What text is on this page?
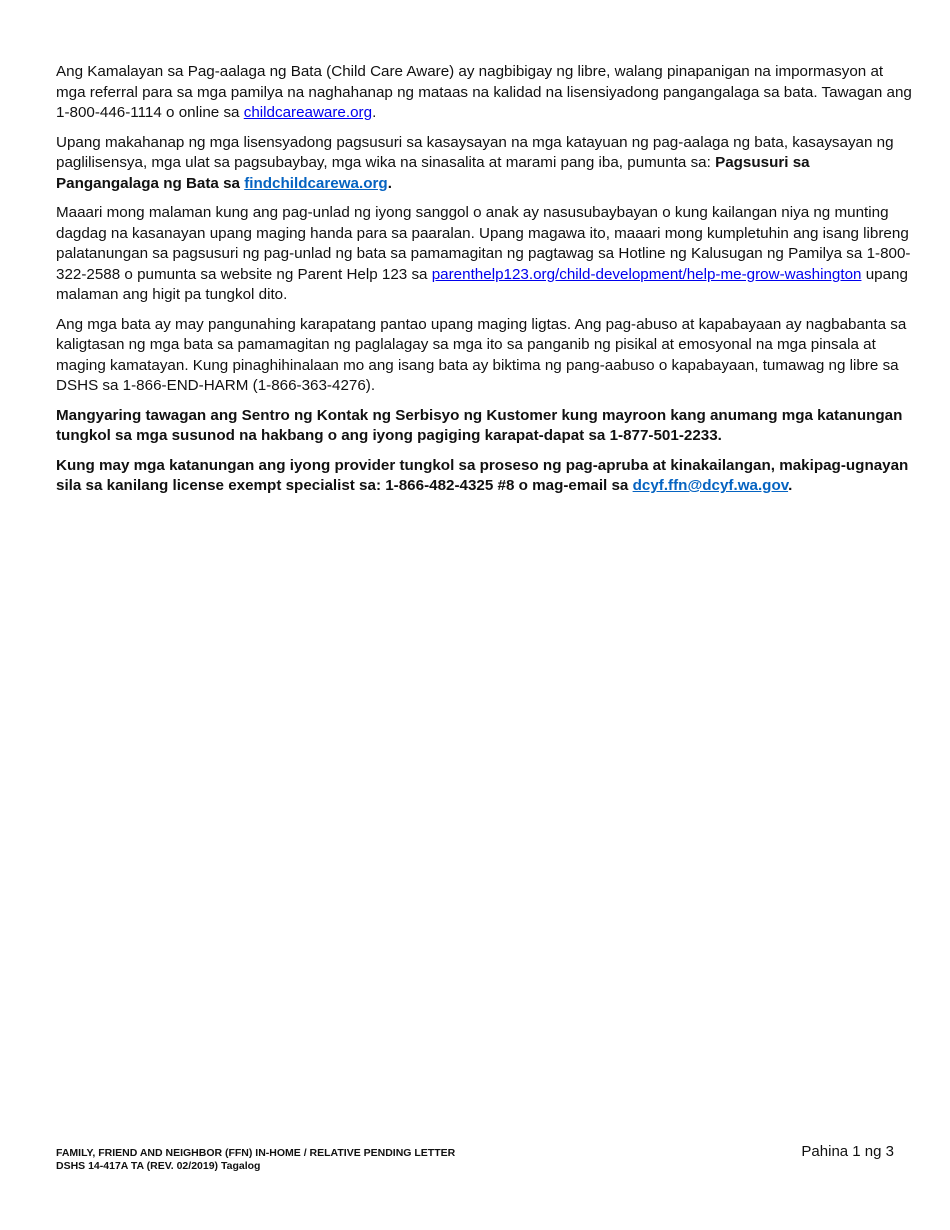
Ang Kamalayan sa Pag-aalaga ng Bata (Child Care Aware) ay nagbibigay ng libre, walang pinapanigan na impormasyon at mga referral para sa mga pamilya na naghahanap ng mataas na kalidad na lisensiyadong pangangalaga sa bata. Tawagan ang 1-800-446-1114 o online sa childcareaware.org.

Upang makahanap ng mga lisensyadong pagsusuri sa kasaysayan na mga katayuan ng pag-aalaga ng bata, kasaysayan ng paglilisensya, mga ulat sa pagsubaybay, mga wika na sinasalita at marami pang iba, pumunta sa: Pagsusuri sa Pangangalaga ng Bata sa findchildcarewa.org.

Maaari mong malaman kung ang pag-unlad ng iyong sanggol o anak ay nasusubaybayan o kung kailangan niya ng munting dagdag na kasanayan upang maging handa para sa paaralan. Upang magawa ito, maaari mong kumpletuhin ang isang libreng palatanungan sa pagsusuri ng pag-unlad ng bata sa pamamagitan ng pagtawag sa Hotline ng Kalusugan ng Pamilya sa 1-800-322-2588 o pumunta sa website ng Parent Help 123 sa parenthelp123.org/child-development/help-me-grow-washington upang malaman ang higit pa tungkol dito.

Ang mga bata ay may pangunahing karapatang pantao upang maging ligtas. Ang pag-abuso at kapabayaan ay nagbabanta sa kaligtasan ng mga bata sa pamamagitan ng paglalagay sa mga ito sa panganib ng pisikal at emosyonal na mga pinsala at maging kamatayan. Kung pinaghihinalaan mo ang isang bata ay biktima ng pang-aabuso o kapabayaan, tumawag ng libre sa DSHS sa 1-866-END-HARM (1-866-363-4276).

Mangyaring tawagan ang Sentro ng Kontak ng Serbisyo ng Kustomer kung mayroon kang anumang mga katanungan tungkol sa mga susunod na hakbang o ang iyong pagiging karapat-dapat sa 1-877-501-2233.

Kung may mga katanungan ang iyong provider tungkol sa proseso ng pag-apruba at kinakailangan, makipag-ugnayan sila sa kanilang license exempt specialist sa: 1-866-482-4325 #8 o mag-email sa dcyf.ffn@dcyf.wa.gov.

FAMILY, FRIEND AND NEIGHBOR (FFN) IN-HOME / RELATIVE PENDING LETTER
DSHS 14-417A TA (REV. 02/2019) Tagalog
Pahina 1 ng 3
